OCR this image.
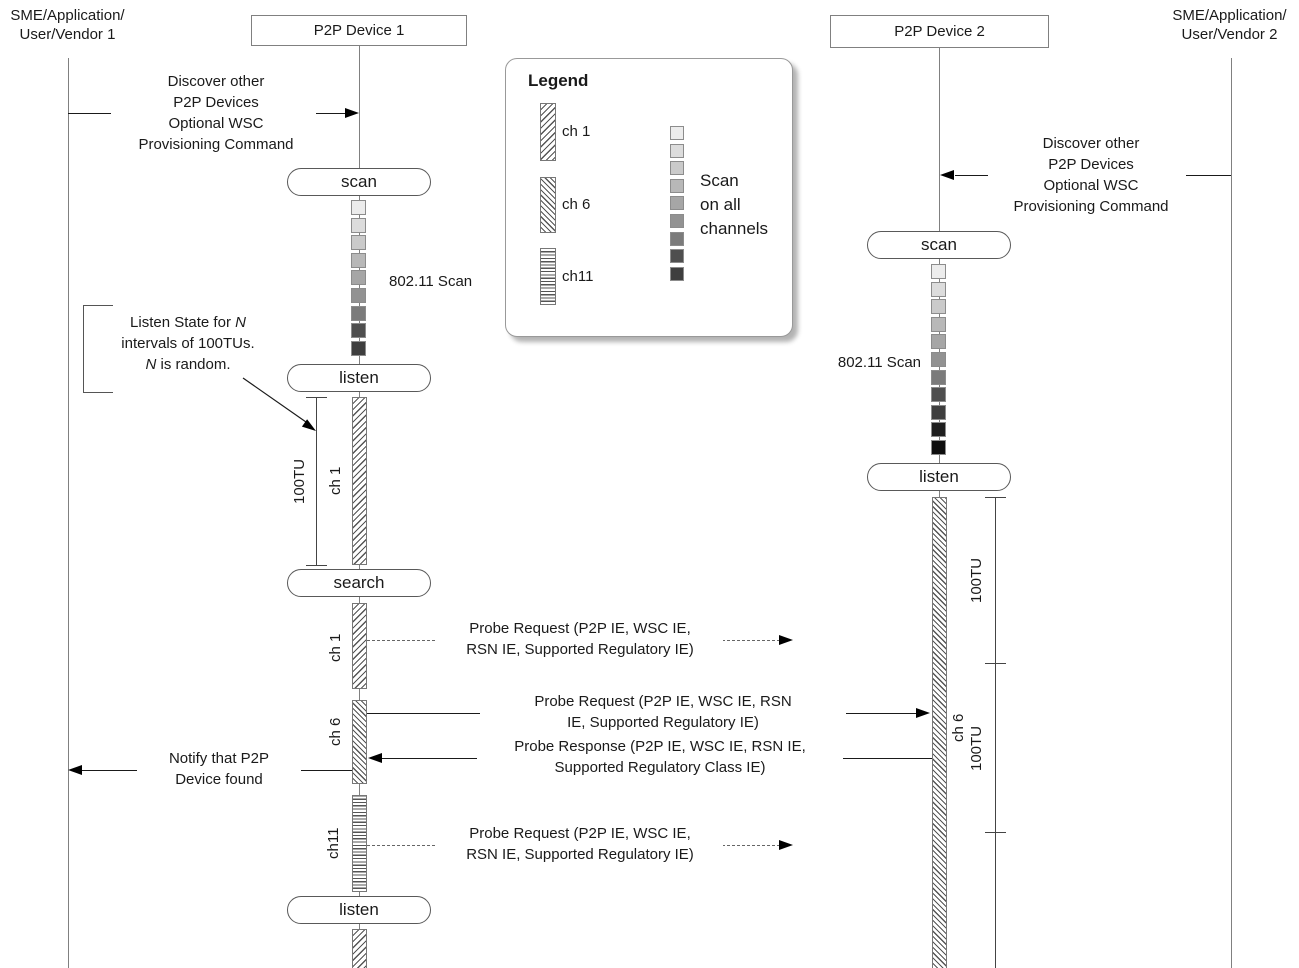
SME/Application/
User/Vendor 1	P2P Device 1	P2P Device 2
SME/Application/
User/Vendor 2
Discover other
P2P Devices
Optional WSC
Provisioning Command	Discover other
P2P Devices
Optional WSC
Provisioning Command
scan
802.11 Scan
listen
ch 1
100TU
search
ch 1
Probe Request (P2P IE, WSC IE,
RSN IE, Supported Regulatory IE)
ch 6
Probe Request (P2P IE, WSC IE, RSN
IE, Supported Regulatory IE)
Probe Response (P2P IE, WSC IE, RSN IE,
Supported Regulatory Class IE)
Notify that P2P
Device found
ch11	Probe Request (P2P IE, WSC IE,
RSN IE, Supported Regulatory IE)
listen
Listen State for N
intervals of 100TUs.
N is random.
Legend
ch 1
ch 6
ch11
Scan
on all
channels
scan
802.11 Scan
listen
ch 6
100TU
100TU
